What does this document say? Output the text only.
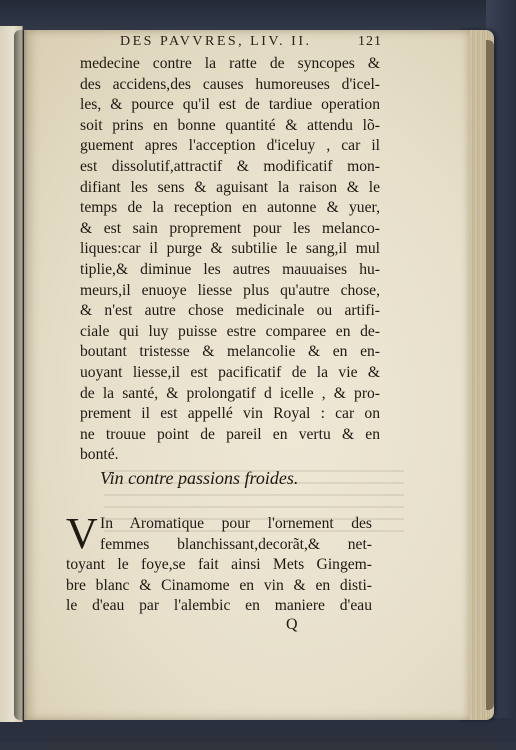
DES PAVVRES, LIV. II.	121
medecine contre la ratte de syncopes &
des accidens,des causes humoreuses d'icel-
les, & pource qu'il est de tardiue operation
soit prins en bonne quantité & attendu lõ-
guement apres l'acception d'iceluy , car il
est dissolutif,attractif & modificatif mon-
difiant les sens & aguisant la raison & le
temps de la reception en autonne & yuer,
& est sain proprement pour les melanco-
liques:car il purge & subtilie le sang,il mul
tiplie,& diminue les autres mauuaises hu-
meurs,il enuoye liesse plus qu'autre chose,
& n'est autre chose medicinale ou artifi-
ciale qui luy puisse estre comparee en de-
boutant tristesse & melancolie & en en-
uoyant liesse,il est pacificatif de la vie &
de la santé, & prolongatif d icelle , & pro-
prement il est appellé vin Royal : car on
ne trouue point de pareil en vertu & en
bonté.
Vin contre passions froides.
V In Aromatique pour l'ornement des
femmes blanchissant,decorãt,& net-
toyant le foye,se fait ainsi Mets Gingem-
bre blanc & Cinamome en vin & en disti-
le d'eau par l'alembic en maniere d'eau
Q
